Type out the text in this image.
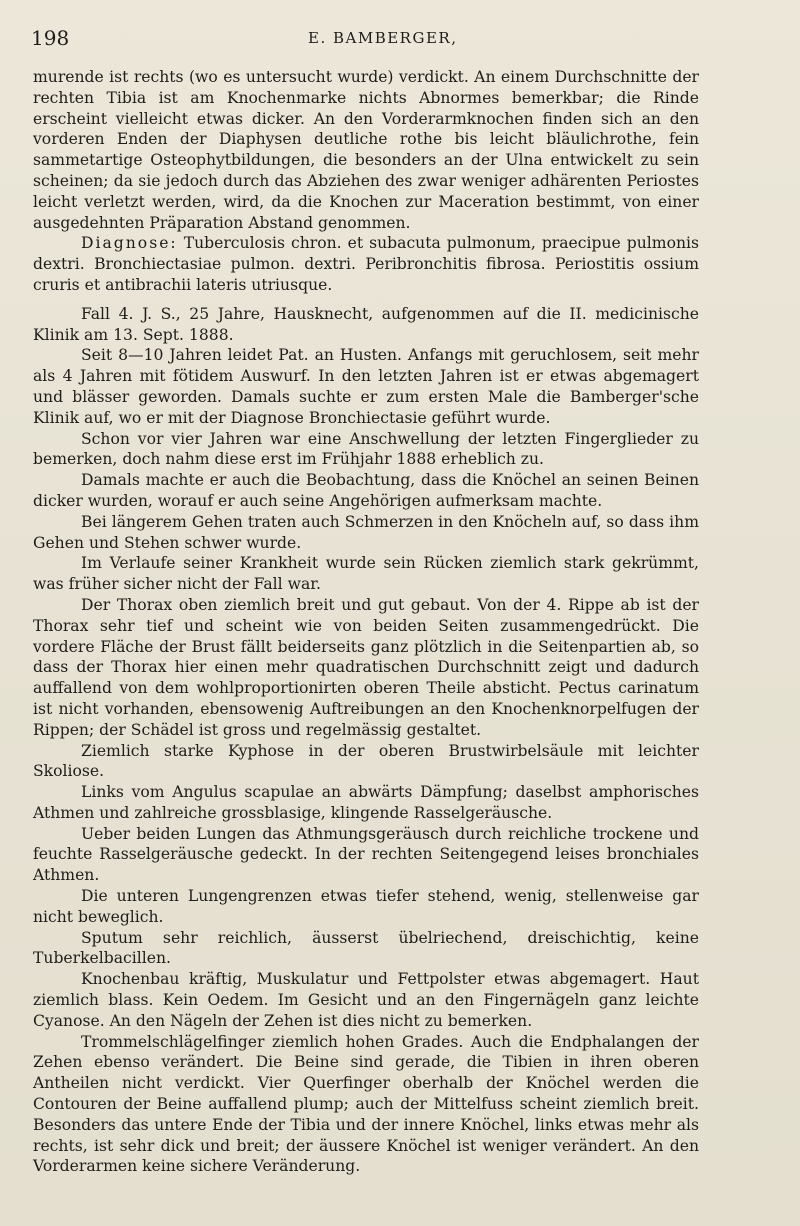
198	E. BAMBERGER,

murende ist rechts (wo es untersucht wurde) verdickt. An einem Durchschnitte der rechten Tibia ist am Knochenmarke nichts Abnormes bemerkbar; die Rinde erscheint vielleicht etwas dicker. An den Vorderarmknochen finden sich an den vorderen Enden der Diaphysen deutliche rothe bis leicht bläulichrothe, fein sammetartige Osteophytbildungen, die besonders an der Ulna entwickelt zu sein scheinen; da sie jedoch durch das Abziehen des zwar weniger adhärenten Periostes leicht verletzt werden, wird, da die Knochen zur Maceration bestimmt, von einer ausgedehnten Präparation Abstand genommen.

Diagnose: Tuberculosis chron. et subacuta pulmonum, praecipue pulmonis dextri. Bronchiectasiae pulmon. dextri. Peribronchitis fibrosa. Periostitis ossium cruris et antibrachii lateris utriusque.

Fall 4. J. S., 25 Jahre, Hausknecht, aufgenommen auf die II. medicinische Klinik am 13. Sept. 1888.

Seit 8—10 Jahren leidet Pat. an Husten. Anfangs mit geruchlosem, seit mehr als 4 Jahren mit fötidem Auswurf. In den letzten Jahren ist er etwas abgemagert und blässer geworden. Damals suchte er zum ersten Male die Bamberger'sche Klinik auf, wo er mit der Diagnose Bronchiectasie geführt wurde.

Schon vor vier Jahren war eine Anschwellung der letzten Fingerglieder zu bemerken, doch nahm diese erst im Frühjahr 1888 erheblich zu.

Damals machte er auch die Beobachtung, dass die Knöchel an seinen Beinen dicker wurden, worauf er auch seine Angehörigen aufmerksam machte.

Bei längerem Gehen traten auch Schmerzen in den Knöcheln auf, so dass ihm Gehen und Stehen schwer wurde.

Im Verlaufe seiner Krankheit wurde sein Rücken ziemlich stark gekrümmt, was früher sicher nicht der Fall war.

Der Thorax oben ziemlich breit und gut gebaut. Von der 4. Rippe ab ist der Thorax sehr tief und scheint wie von beiden Seiten zusammengedrückt. Die vordere Fläche der Brust fällt beiderseits ganz plötzlich in die Seitenpartien ab, so dass der Thorax hier einen mehr quadratischen Durchschnitt zeigt und dadurch auffallend von dem wohlproportionirten oberen Theile absticht. Pectus carinatum ist nicht vorhanden, ebensowenig Auftreibungen an den Knochenknorpelfugen der Rippen; der Schädel ist gross und regelmässig gestaltet.

Ziemlich starke Kyphose in der oberen Brustwirbelsäule mit leichter Skoliose.

Links vom Angulus scapulae an abwärts Dämpfung; daselbst amphorisches Athmen und zahlreiche grossblasige, klingende Rasselgeräusche.

Ueber beiden Lungen das Athmungsgeräusch durch reichliche trockene und feuchte Rasselgeräusche gedeckt. In der rechten Seitengegend leises bronchiales Athmen.

Die unteren Lungengrenzen etwas tiefer stehend, wenig, stellenweise gar nicht beweglich.

Sputum sehr reichlich, äusserst übelriechend, dreischichtig, keine Tuberkelbacillen.

Knochenbau kräftig, Muskulatur und Fettpolster etwas abgemagert. Haut ziemlich blass. Kein Oedem. Im Gesicht und an den Fingernägeln ganz leichte Cyanose. An den Nägeln der Zehen ist dies nicht zu bemerken.

Trommelschlägelfinger ziemlich hohen Grades. Auch die Endphalangen der Zehen ebenso verändert. Die Beine sind gerade, die Tibien in ihren oberen Antheilen nicht verdickt. Vier Querfinger oberhalb der Knöchel werden die Contouren der Beine auffallend plump; auch der Mittelfuss scheint ziemlich breit. Besonders das untere Ende der Tibia und der innere Knöchel, links etwas mehr als rechts, ist sehr dick und breit; der äussere Knöchel ist weniger verändert. An den Vorderarmen keine sichere Veränderung.
